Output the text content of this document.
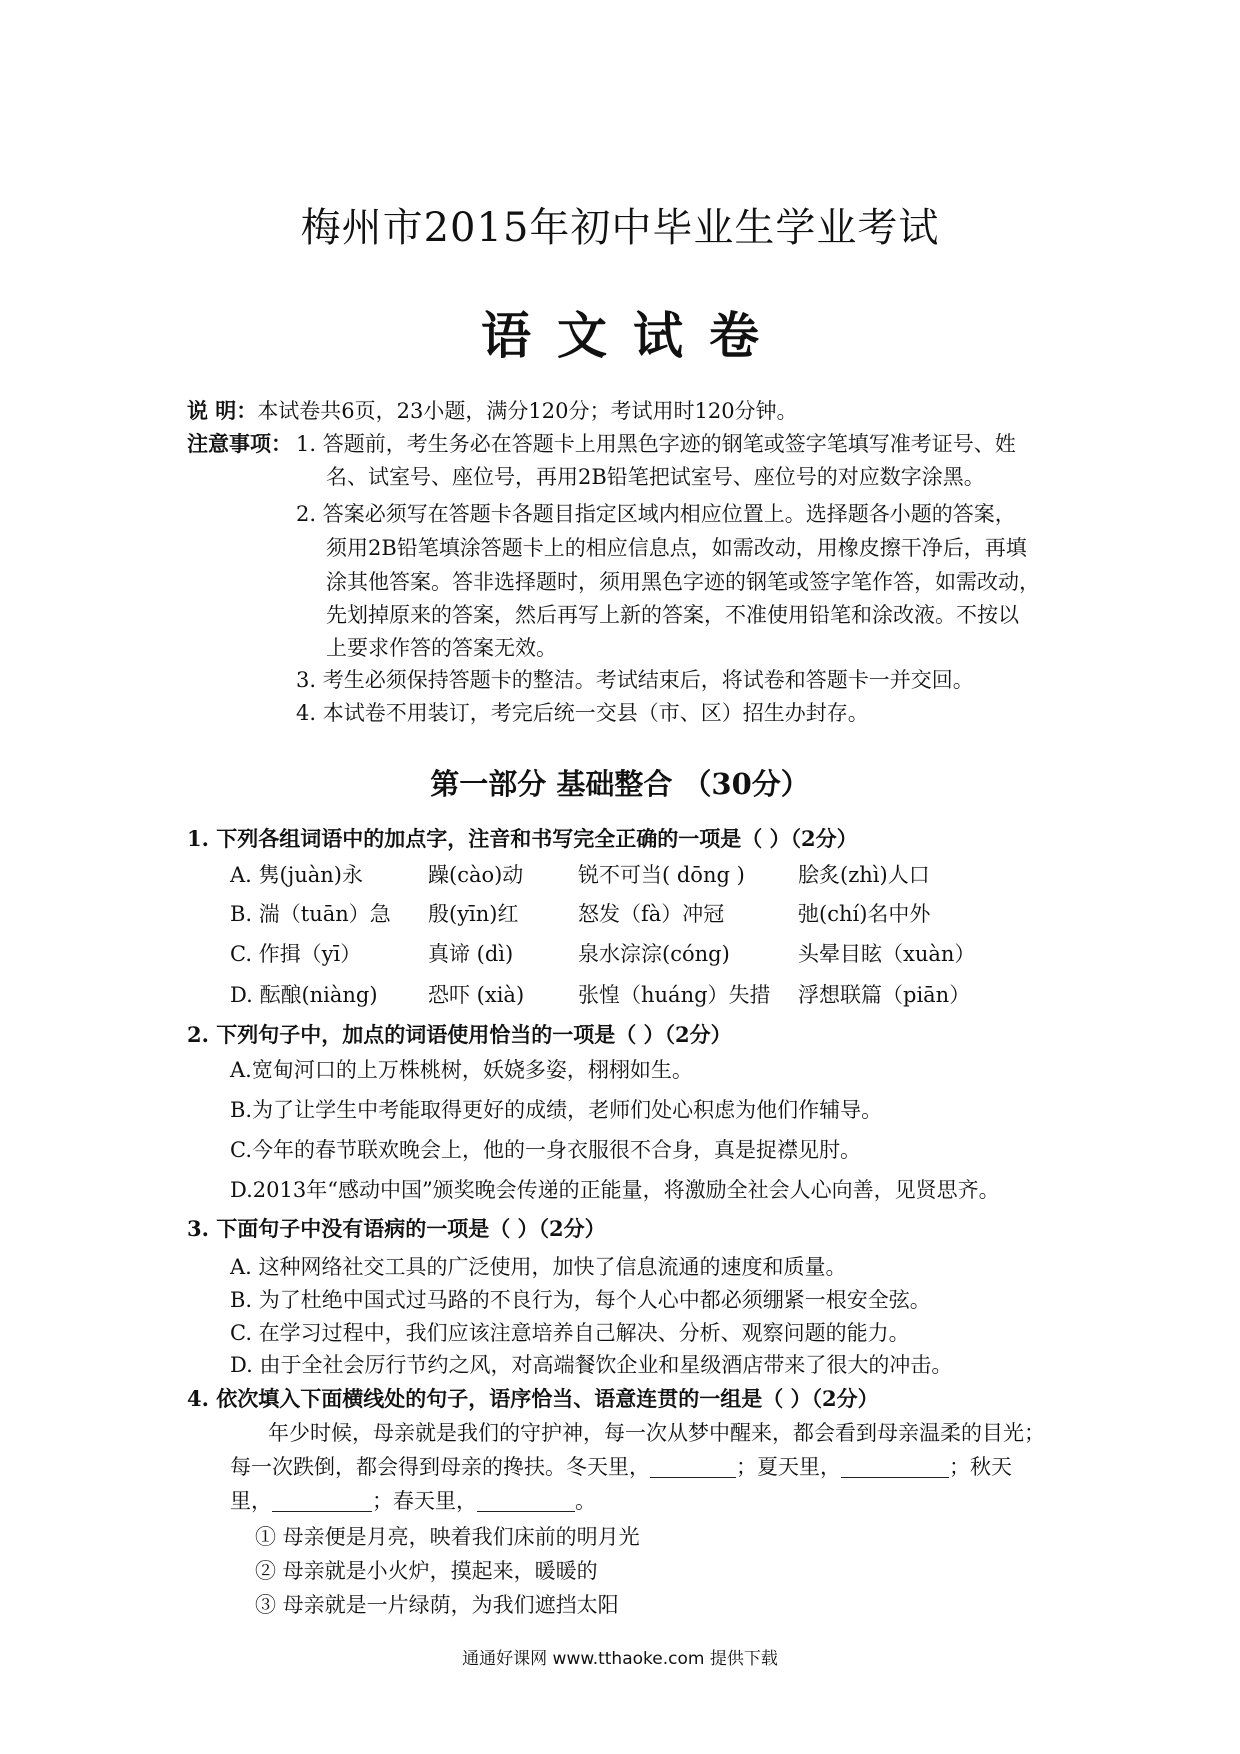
梅州市2015年初中毕业生学业考试
语文试卷
说 明：本试卷共6页，23小题，满分120分；考试用时120分钟。
注意事项： 1. 答题前，考生务必在答题卡上用黑色字迹的钢笔或签字笔填写准考证号、姓
名、试室号、座位号，再用2B铅笔把试室号、座位号的对应数字涂黑。
2. 答案必须写在答题卡各题目指定区域内相应位置上。选择题各小题的答案，
须用2B铅笔填涂答题卡上的相应信息点，如需改动，用橡皮擦干净后，再填
涂其他答案。答非选择题时，须用黑色字迹的钢笔或签字笔作答，如需改动，
先划掉原来的答案，然后再写上新的答案，不准使用铅笔和涂改液。不按以
上要求作答的答案无效。
3. 考生必须保持答题卡的整洁。考试结束后，将试卷和答题卡一并交回。
4. 本试卷不用装订，考完后统一交县（市、区）招生办封存。
第一部分 基础整合 （30分）
1. 下列各组词语中的加点字，注音和书写完全正确的一项是（ ）（2分）
A. 隽(juàn)永	躁(cào)动	锐不可当( dōng )	脍炙(zhì)人口
B. 湍（tuān）急 殷(yīn)红	怒发（fà）冲冠	弛(chí)名中外
C. 作揖（yī）	真谛 (dì)	泉水淙淙(cóng)	头晕目眩（xuàn）
D. 酝酿(niàng) 恐吓 (xià)	张惶（huáng）失措 浮想联篇（piān）
2. 下列句子中，加点的词语使用恰当的一项是（ ）（2分）
A.宽甸河口的上万株桃树，妖娆多姿，栩栩如生。
B.为了让学生中考能取得更好的成绩，老师们处心积虑为他们作辅导。
C.今年的春节联欢晚会上，他的一身衣服很不合身，真是捉襟见肘。
D.2013年“感动中国”颁奖晚会传递的正能量，将激励全社会人心向善，见贤思齐。
3. 下面句子中没有语病的一项是（ ）（2分）
A. 这种网络社交工具的广泛使用，加快了信息流通的速度和质量。
B. 为了杜绝中国式过马路的不良行为，每个人心中都必须绷紧一根安全弦。
C. 在学习过程中，我们应该注意培养自己解决、分析、观察问题的能力。
D. 由于全社会厉行节约之风，对高端餐饮企业和星级酒店带来了很大的冲击。
4. 依次填入下面横线处的句子，语序恰当、语意连贯的一组是（ ）（2分）
年少时候，母亲就是我们的守护神，每一次从梦中醒来，都会看到母亲温柔的目光；
每一次跌倒，都会得到母亲的搀扶。冬天里，	；夏天里，	；秋天
里，	；春天里，	。
① 母亲便是月亮，映着我们床前的明月光
② 母亲就是小火炉，摸起来，暖暖的
③ 母亲就是一片绿荫，为我们遮挡太阳
通通好课网 www.tthaoke.com 提供下载
